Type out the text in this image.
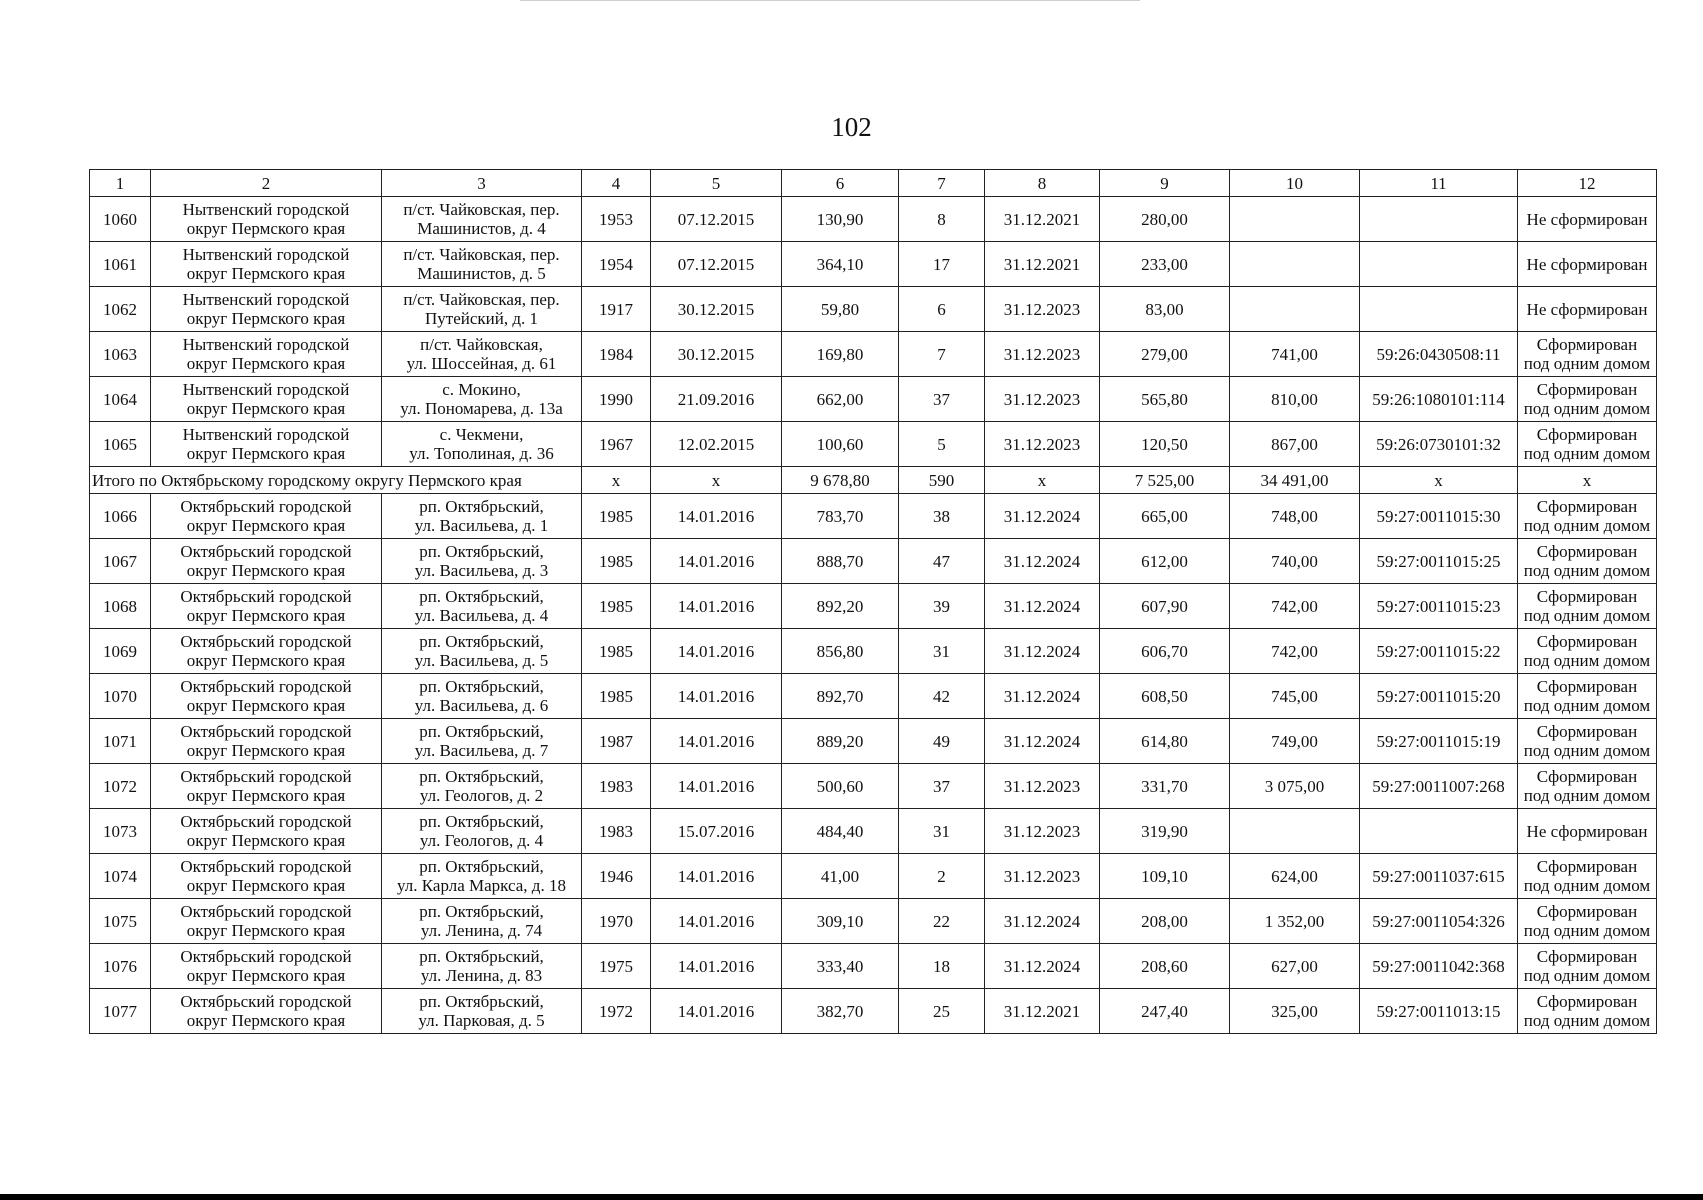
102
1	2	3	4	5	6	7	8	9	10	11	12
1060	Нытвенский городской
округ Пермского края	п/ст. Чайковская, пер.
Машинистов, д. 4	1953	07.12.2015	130,90	8	31.12.2021	280,00			Не сформирован

1061	Нытвенский городской
округ Пермского края	п/ст. Чайковская, пер.
Машинистов, д. 5	1954	07.12.2015	364,10	17	31.12.2021	233,00			Не сформирован

1062	Нытвенский городской
округ Пермского края	п/ст. Чайковская, пер.
Путейский, д. 1	1917	30.12.2015	59,80	6	31.12.2023	83,00			Не сформирован

1063	Нытвенский городской
округ Пермского края	п/ст. Чайковская,
ул. Шоссейная, д. 61	1984	30.12.2015	169,80	7	31.12.2023	279,00	741,00	59:26:0430508:11	Сформирован
под одним домом
1064	Нытвенский городской
округ Пермского края	с. Мокино,
ул. Пономарева, д. 13а	1990	21.09.2016	662,00	37	31.12.2023	565,80	810,00	59:26:1080101:114	Сформирован
под одним домом
1065	Нытвенский городской
округ Пермского края	с. Чекмени,
ул. Тополиная, д. 36	1967	12.02.2015	100,60	5	31.12.2023	120,50	867,00	59:26:0730101:32	Сформирован
под одним домом
Итого по Октябрьскому городскому округу Пермского края			х	х	9 678,80	590	х	7 525,00	34 491,00	х	х
1066	Октябрьский городской
округ Пермского края	рп. Октябрьский,
ул. Васильева, д. 1	1985	14.01.2016	783,70	38	31.12.2024	665,00	748,00	59:27:0011015:30	Сформирован
под одним домом
1067	Октябрьский городской
округ Пермского края	рп. Октябрьский,
ул. Васильева, д. 3	1985	14.01.2016	888,70	47	31.12.2024	612,00	740,00	59:27:0011015:25	Сформирован
под одним домом
1068	Октябрьский городской
округ Пермского края	рп. Октябрьский,
ул. Васильева, д. 4	1985	14.01.2016	892,20	39	31.12.2024	607,90	742,00	59:27:0011015:23	Сформирован
под одним домом
1069	Октябрьский городской
округ Пермского края	рп. Октябрьский,
ул. Васильева, д. 5	1985	14.01.2016	856,80	31	31.12.2024	606,70	742,00	59:27:0011015:22	Сформирован
под одним домом
1070	Октябрьский городской
округ Пермского края	рп. Октябрьский,
ул. Васильева, д. 6	1985	14.01.2016	892,70	42	31.12.2024	608,50	745,00	59:27:0011015:20	Сформирован
под одним домом
1071	Октябрьский городской
округ Пермского края	рп. Октябрьский,
ул. Васильева, д. 7	1987	14.01.2016	889,20	49	31.12.2024	614,80	749,00	59:27:0011015:19	Сформирован
под одним домом
1072	Октябрьский городской
округ Пермского края	рп. Октябрьский,
ул. Геологов, д. 2	1983	14.01.2016	500,60	37	31.12.2023	331,70	3 075,00	59:27:0011007:268	Сформирован
под одним домом
1073	Октябрьский городской
округ Пермского края	рп. Октябрьский,
ул. Геологов, д. 4	1983	15.07.2016	484,40	31	31.12.2023	319,90			Не сформирован

1074	Октябрьский городской
округ Пермского края	рп. Октябрьский,
ул. Карла Маркса, д. 18	1946	14.01.2016	41,00	2	31.12.2023	109,10	624,00	59:27:0011037:615	Сформирован
под одним домом
1075	Октябрьский городской
округ Пермского края	рп. Октябрьский,
ул. Ленина, д. 74	1970	14.01.2016	309,10	22	31.12.2024	208,00	1 352,00	59:27:0011054:326	Сформирован
под одним домом
1076	Октябрьский городской
округ Пермского края	рп. Октябрьский,
ул. Ленина, д. 83	1975	14.01.2016	333,40	18	31.12.2024	208,60	627,00	59:27:0011042:368	Сформирован
под одним домом
1077	Октябрьский городской
округ Пермского края	рп. Октябрьский,
ул. Парковая, д. 5	1972	14.01.2016	382,70	25	31.12.2021	247,40	325,00	59:27:0011013:15	Сформирован
под одним домом
